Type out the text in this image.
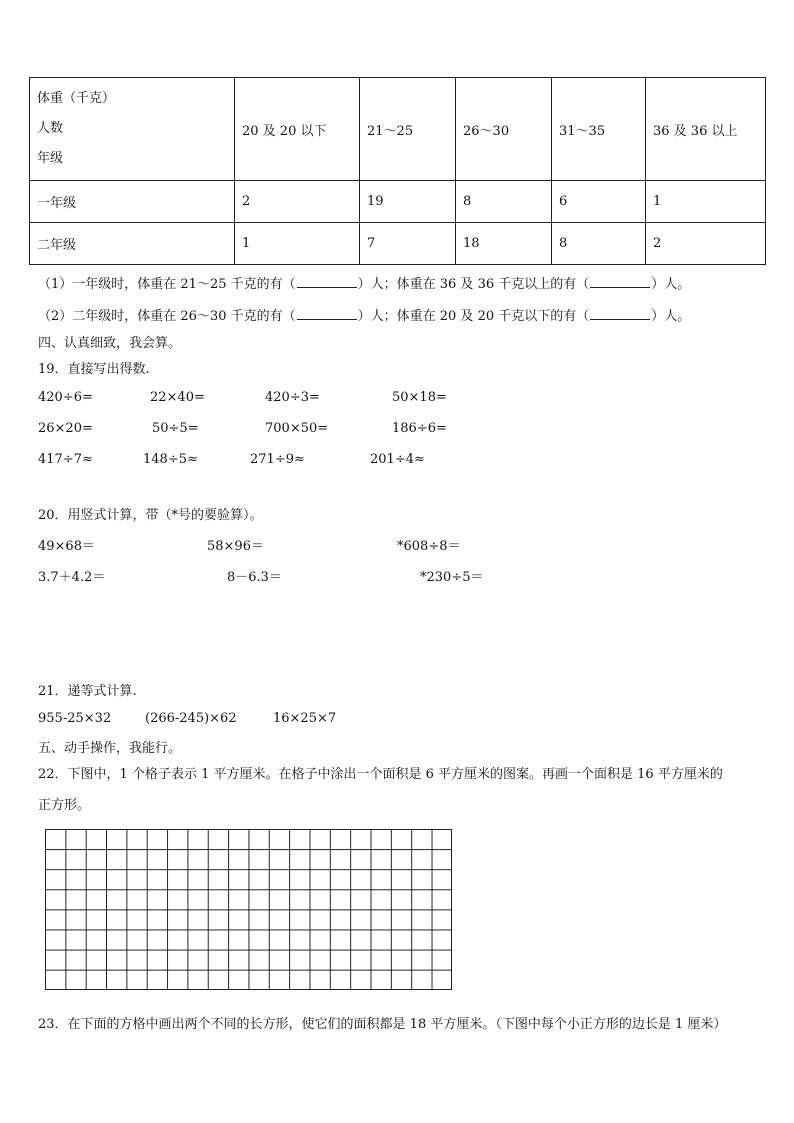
体重（千克）
人数
年级	20 及 20 以下	21～25	26～30	31～35	36 及 36 以上
一年级	2	19	8	6	1
二年级	1	7	18	8	2
（1）一年级时，体重在 21～25 千克的有（	）人；体重在 36 及 36 千克以上的有（	）人。
（2）二年级时，体重在 26～30 千克的有（	）人；体重在 20 及 20 千克以下的有（	）人。
四、认真细致，我会算。
19．直接写出得数.
420÷6=	22×40=	420÷3=	50×18=
26×20=	50÷5=	700×50=	186÷6=
417÷7≈	148÷5≈	271÷9≈	201÷4≈
20．用竖式计算，带（*号的要验算）。
49×68＝	58×96＝	*608÷8＝
3.7＋4.2＝	8－6.3＝	*230÷5＝
21．递等式计算.
955-25×32	(266-245)×62	16×25×7
五、动手操作，我能行。
22．下图中，1 个格子表示 1 平方厘米。在格子中涂出一个面积是 6 平方厘米的图案。再画一个面积是 16 平方厘米的
正方形。
23．在下面的方格中画出两个不同的长方形，使它们的面积都是 18 平方厘米。（下图中每个小正方形的边长是 1 厘米）
